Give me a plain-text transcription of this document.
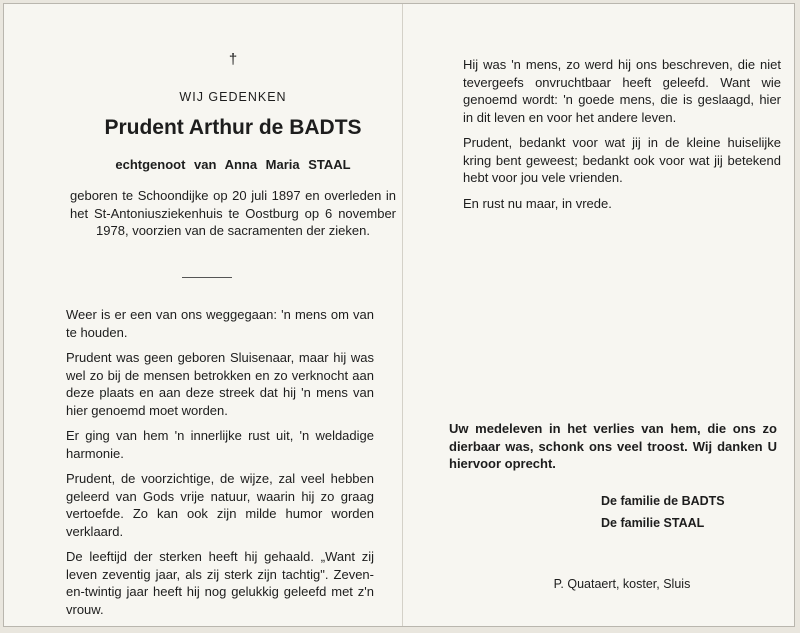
†
WIJ GEDENKEN
Prudent Arthur de BADTS
echtgenoot van Anna Maria STAAL
geboren te Schoondijke op 20 juli 1897 en overleden in het St-Antoniusziekenhuis te Oostburg op 6 november 1978, voorzien van de sacramenten der zieken.

Weer is er een van ons weggegaan: 'n mens om van te houden.

Prudent was geen geboren Sluisenaar, maar hij was wel zo bij de mensen betrokken en zo verknocht aan deze plaats en aan deze streek dat hij 'n mens van hier genoemd moet worden.

Er ging van hem 'n innerlijke rust uit, 'n weldadige harmonie.

Prudent, de voorzichtige, de wijze, zal veel hebben geleerd van Gods vrije natuur, waarin hij zo graag vertoefde. Zo kan ook zijn milde humor worden verklaard.

De leeftijd der sterken heeft hij gehaald. „Want zij leven zeventig jaar, als zij sterk zijn tachtig". Zeven-en-twintig jaar heeft hij nog gelukkig geleefd met z'n vrouw.

Hij was 'n mens, zo werd hij ons beschreven, die niet tevergeefs onvruchtbaar heeft geleefd. Want wie genoemd wordt: 'n goede mens, die is geslaagd, hier in dit leven en voor het andere leven.

Prudent, bedankt voor wat jij in de kleine huiselijke kring bent geweest; bedankt ook voor wat jij betekend hebt voor jou vele vrienden.

En rust nu maar, in vrede.

Uw medeleven in het verlies van hem, die ons zo dierbaar was, schonk ons veel troost. Wij danken U hiervoor oprecht.
De familie de BADTS
De familie STAAL
P. Quataert, koster, Sluis
